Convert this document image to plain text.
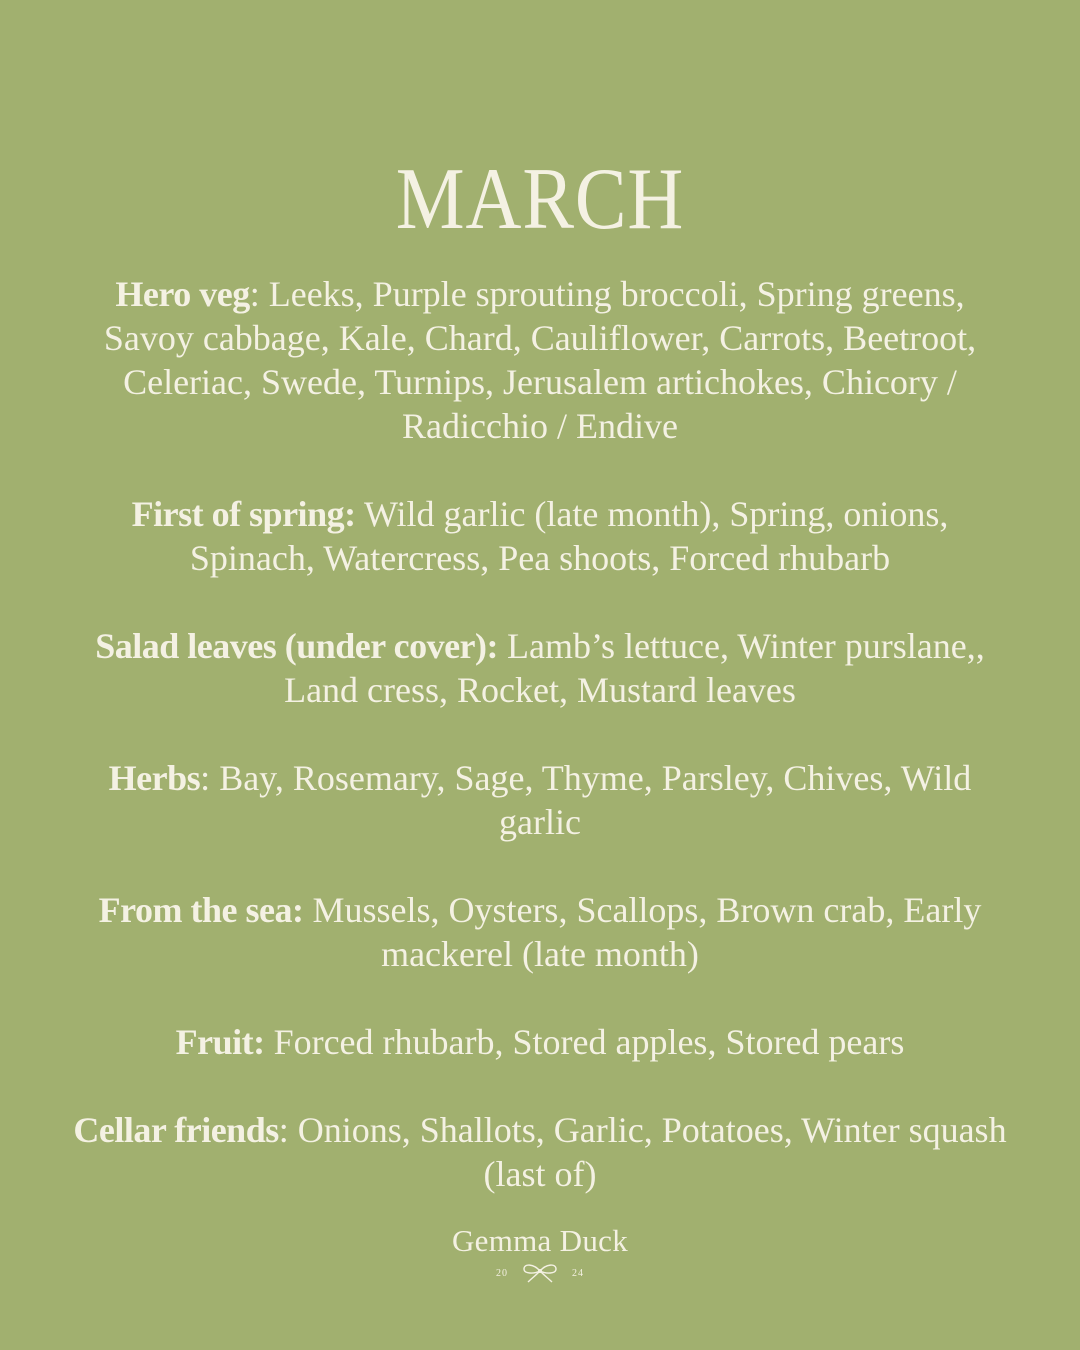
MARCH

Hero veg: Leeks, Purple sprouting broccoli, Spring greens, Savoy cabbage, Kale, Chard, Cauliflower, Carrots, Beetroot, Celeriac, Swede, Turnips, Jerusalem artichokes, Chicory / Radicchio / Endive

First of spring: Wild garlic (late month), Spring, onions, Spinach, Watercress, Pea shoots, Forced rhubarb

Salad leaves (under cover): Lamb’s lettuce, Winter purslane,, Land cress, Rocket, Mustard leaves

Herbs: Bay, Rosemary, Sage, Thyme, Parsley, Chives, Wild garlic

From the sea: Mussels, Oysters, Scallops, Brown crab, Early mackerel (late month)

Fruit: Forced rhubarb, Stored apples, Stored pears

Cellar friends: Onions, Shallots, Garlic, Potatoes, Winter squash (last of)

Gemma Duck
20	24
